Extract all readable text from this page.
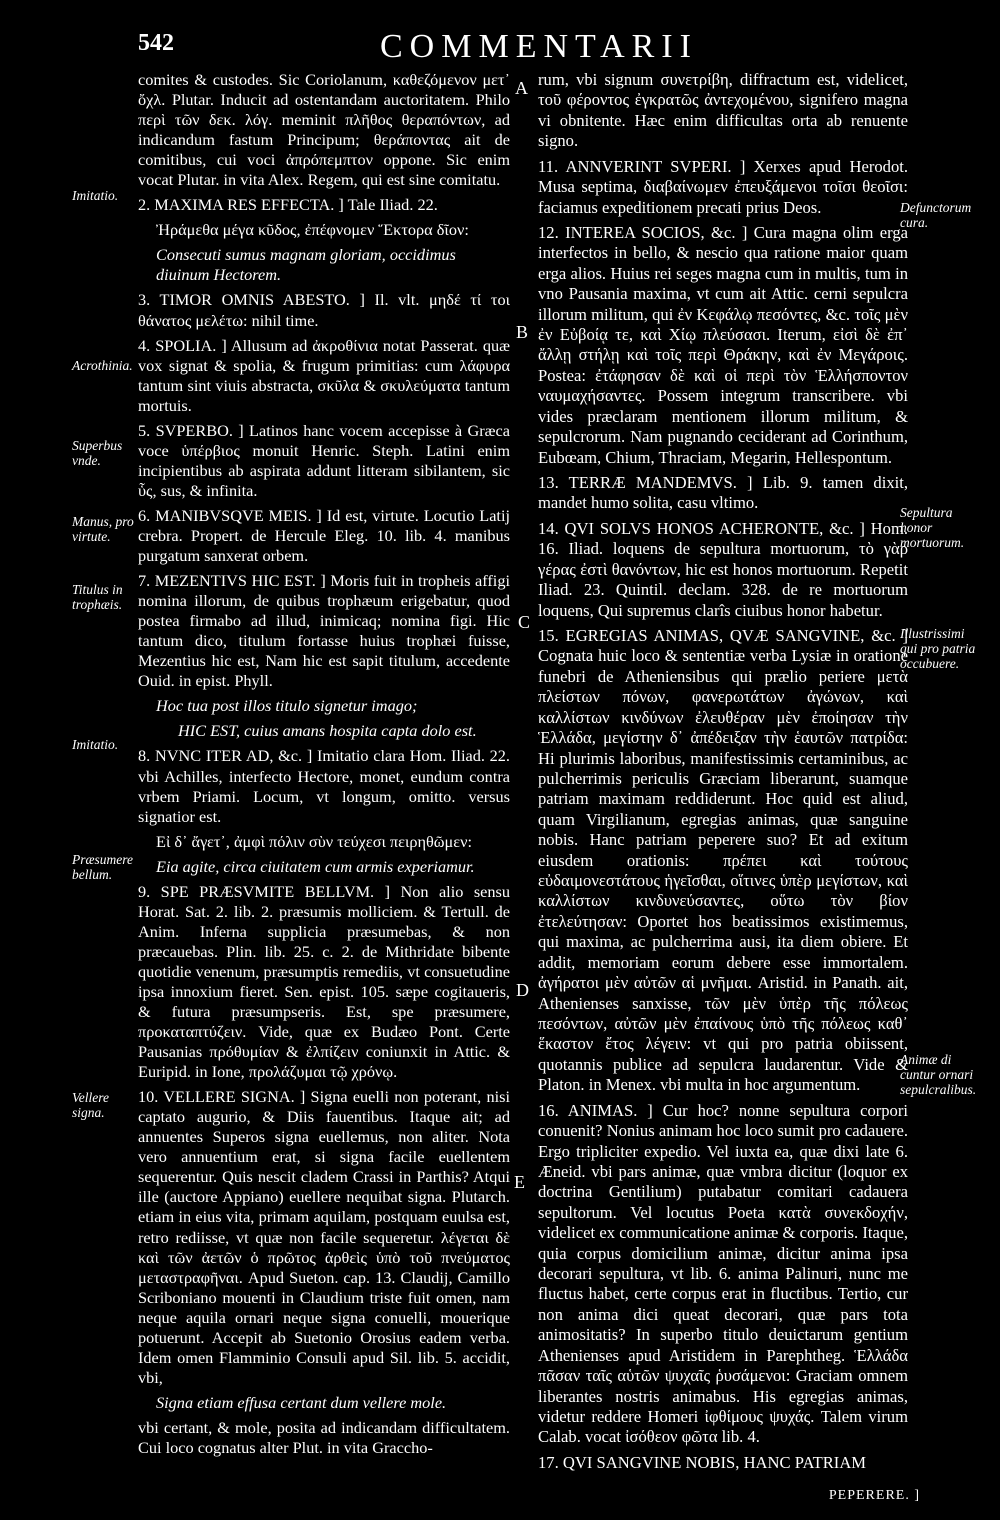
542	COMMENTARII

comites & custodes. Sic Coriolanum, καθεζόμενον μετ᾽ ὄχλ. Plutar. Inducit ad ostentandam auctoritatem. Philo περὶ τῶν δεκ. λόγ. meminit πλῆθος θεραπόντων, ad indicandum fastum Principum; θεράποντας ait de comitibus, cui voci ἀπρόπεμπτον oppone. Sic enim vocat Plutar. in vita Alex. Regem, qui est sine comitatu.

2. MAXIMA RES EFFECTA. ] Tale Iliad. 22.

Ἠράμεθα μέγα κῦδος, ἐπέφνομεν Ἕκτορα δῖον:

Consecuti sumus magnam gloriam, occidimus diuinum Hectorem.

3. TIMOR OMNIS ABESTO. ] Il. vlt. μηδέ τί τοι θάνατος μελέτω: nihil time.

4. SPOLIA. ] Allusum ad ἀκροθίνια notat Passerat. quæ vox signat & spolia, & frugum primitias: cum λάφυρα tantum sint viuis abstracta, σκῦλα & σκυλεύματα tantum mortuis.

5. SVPERBO. ] Latinos hanc vocem accepisse à Græca voce ὑπέρβιος monuit Henric. Steph. Latini enim incipientibus ab aspirata addunt litteram sibilantem, sic ὗς, sus, & infinita.

6. MANIBVSQVE MEIS. ] Id est, virtute. Locutio Latij crebra. Propert. de Hercule Eleg. 10. lib. 4. manibus purgatum sanxerat orbem.

7. MEZENTIVS HIC EST. ] Moris fuit in tropheis affigi nomina illorum, de quibus trophæum erigebatur, quod postea firmabo ad illud, inimicaq; nomina figi. Hic tantum dico, titulum fortasse huius trophæi fuisse, Mezentius hic est, Nam hic est sapit titulum, accedente Ouid. in epist. Phyll.

Hoc tua post illos titulo signetur imago;

HIC EST, cuius amans hospita capta dolo est.

8. NVNC ITER AD, &c. ] Imitatio clara Hom. Iliad. 22. vbi Achilles, interfecto Hectore, monet, eundum contra vrbem Priami. Locum, vt longum, omitto. versus signatior est.

Εἰ δ᾽ ἄγετ᾽, ἀμφὶ πόλιν σὺν τεύχεσι πειρηθῶμεν:

Eia agite, circa ciuitatem cum armis experiamur.

9. SPE PRÆSVMITE BELLVM. ] Non alio sensu Horat. Sat. 2. lib. 2. præsumis molliciem. & Tertull. de Anim. Inferna supplicia præsumebas, & non præcauebas. Plin. lib. 25. c. 2. de Mithridate bibente quotidie venenum, præsumptis remediis, vt consuetudine ipsa innoxium fieret. Sen. epist. 105. sæpe cogitaueris, & futura præsumpseris. Est, spe præsumere, προκαταπτύζειν. Vide, quæ ex Budæo Pont. Certe Pausanias πρόθυμίαν & ἐλπίζειν coniunxit in Attic. & Euripid. in Ione, προλάζυμαι τῷ χρόνῳ.

10. VELLERE SIGNA. ] Signa euelli non poterant, nisi captato augurio, & Diis fauentibus. Itaque ait; ad annuentes Superos signa euellemus, non aliter. Nota vero annuentium erat, si signa facile euellentem sequerentur. Quis nescit cladem Crassi in Parthis? Atqui ille (auctore Appiano) euellere nequibat signa. Plutarch. etiam in eius vita, primam aquilam, postquam euulsa est, retro rediisse, vt quæ non facile sequeretur. λέγεται δὲ καὶ τῶν ἀετῶν ὁ πρῶτος ἀρθεὶς ὑπὸ τοῦ πνεύματος μεταστραφῆναι. Apud Sueton. cap. 13. Claudij, Camillo Scriboniano mouenti in Claudium triste fuit omen, nam neque aquila ornari neque signa conuelli, mouerique potuerunt. Accepit ab Suetonio Orosius eadem verba. Idem omen Flamminio Consuli apud Sil. lib. 5. accidit, vbi,

Signa etiam effusa certant dum vellere mole.

vbi certant, & mole, posita ad indicandam difficultatem. Cui loco cognatus alter Plut. in vita Graccho-

rum, vbi signum συνετρίβη, diffractum est, videlicet, τοῦ φέροντος ἐγκρατῶς ἀντεχομένου, signifero magna vi obnitente. Hæc enim difficultas orta ab renuente signo.

11. ANNVERINT SVPERI. ] Xerxes apud Herodot. Musa septima, διαβαίνωμεν ἐπευξάμενοι τοῖσι θεοῖσι: faciamus expeditionem precati prius Deos.

12. INTEREA SOCIOS, &c. ] Cura magna olim erga interfectos in bello, & nescio qua ratione maior quam erga alios. Huius rei seges magna cum in multis, tum in vno Pausania maxima, vt cum ait Attic. cerni sepulcra illorum militum, qui ἐν Κεφάλῳ πεσόντες, &c. τοῖς μὲν ἐν Εὐβοίᾳ τε, καὶ Χίῳ πλεύσασι. Iterum, εἰσὶ δὲ ἐπ᾽ ἄλλῃ στήλῃ καὶ τοῖς περὶ Θράκην, καὶ ἐν Μεγάροις. Postea: ἐτάφησαν δὲ καὶ οἱ περὶ τὸν Ἑλλήσποντον ναυμαχήσαντες. Possem integrum transcribere. vbi vides præclaram mentionem illorum militum, & sepulcrorum. Nam pugnando ceciderant ad Corinthum, Eubœam, Chium, Thraciam, Megarin, Hellespontum.

13. TERRÆ MANDEMVS. ] Lib. 9. tamen dixit, mandet humo solita, casu vltimo.

14. QVI SOLVS HONOS ACHERONTE, &c. ] Hom. 16. Iliad. loquens de sepultura mortuorum, τὸ γὰρ γέρας ἐστὶ θανόντων, hic est honos mortuorum. Repetit Iliad. 23. Quintil. declam. 328. de re mortuorum loquens, Qui supremus clarîs ciuibus honor habetur.

15. EGREGIAS ANIMAS, QVÆ SANGVINE, &c. ] Cognata huic loco & sententiæ verba Lysiæ in oratione funebri de Atheniensibus qui prælio periere μετὰ πλείστων πόνων, φανερωτάτων ἀγώνων, καὶ καλλίστων κινδύνων ἐλευθέραν μὲν ἐποίησαν τὴν Ἑλλάδα, μεγίστην δ᾽ ἀπέδειξαν τὴν ἑαυτῶν πατρίδα: Hi plurimis laboribus, manifestissimis certaminibus, ac pulcherrimis periculis Græciam liberarunt, suamque patriam maximam reddiderunt. Hoc quid est aliud, quam Virgilianum, egregias animas, quæ sanguine nobis. Hanc patriam peperere suo? Et ad exitum eiusdem orationis: πρέπει καὶ τούτους εὐδαιμονεστάτους ἡγεῖσθαι, οἵτινες ὑπὲρ μεγίστων, καὶ καλλίστων κινδυνεύσαντες, οὕτω τὸν βίον ἐτελεύτησαν: Oportet hos beatissimos existimemus, qui maxima, ac pulcherrima ausi, ita diem obiere. Et addit, memoriam eorum debere esse immortalem. ἀγήρατοι μὲν αὐτῶν αἱ μνῆμαι. Aristid. in Panath. ait, Athenienses sanxisse, τῶν μὲν ὑπὲρ τῆς πόλεως πεσόντων, αὐτῶν μὲν ἐπαίνους ὑπὸ τῆς πόλεως καθ᾽ ἕκαστον ἔτος λέγειν: vt qui pro patria obiissent, quotannis publice ad sepulcra laudarentur. Vide & Platon. in Menex. vbi multa in hoc argumentum.

16. ANIMAS. ] Cur hoc? nonne sepultura corpori conuenit? Nonius animam hoc loco sumit pro cadauere. Ergo tripliciter expedio. Vel iuxta ea, quæ dixi late 6. Æneid. vbi pars animæ, quæ vmbra dicitur (loquor ex doctrina Gentilium) putabatur comitari cadauera sepultorum. Vel locutus Poeta κατὰ συνεκδοχήν, videlicet ex communicatione animæ & corporis. Itaque, quia corpus domicilium animæ, dicitur anima ipsa decorari sepultura, vt lib. 6. anima Palinuri, nunc me fluctus habet, certe corpus erat in fluctibus. Tertio, cur non anima dici queat decorari, quæ pars tota animositatis? In superbo titulo deuictarum gentium Athenienses apud Aristidem in Parephtheg. Ἑλλάδα πᾶσαν ταῖς αὑτῶν ψυχαῖς ῥυσάμενοι: Graciam omnem liberantes nostris animabus. His egregias animas, videtur reddere Homeri ἰφθίμους ψυχάς. Talem virum Calab. vocat ἰσόθεον φῶτα lib. 4.

17. QVI SANGVINE NOBIS, HANC PATRIAM

PEPERERE. ]
Imitatio.
Acrothinia.
Superbus vnde.
Manus, pro virtute.
Titulus in trophæis.
Imitatio.
Præsumere bellum.
Vellere signa.
Defunctorum cura.
Sepultura honor mortuorum.
Illustrissimi qui pro patria occubuere.
Animæ di cuntur ornari sepulcralibus.
A
B
C
D
E
